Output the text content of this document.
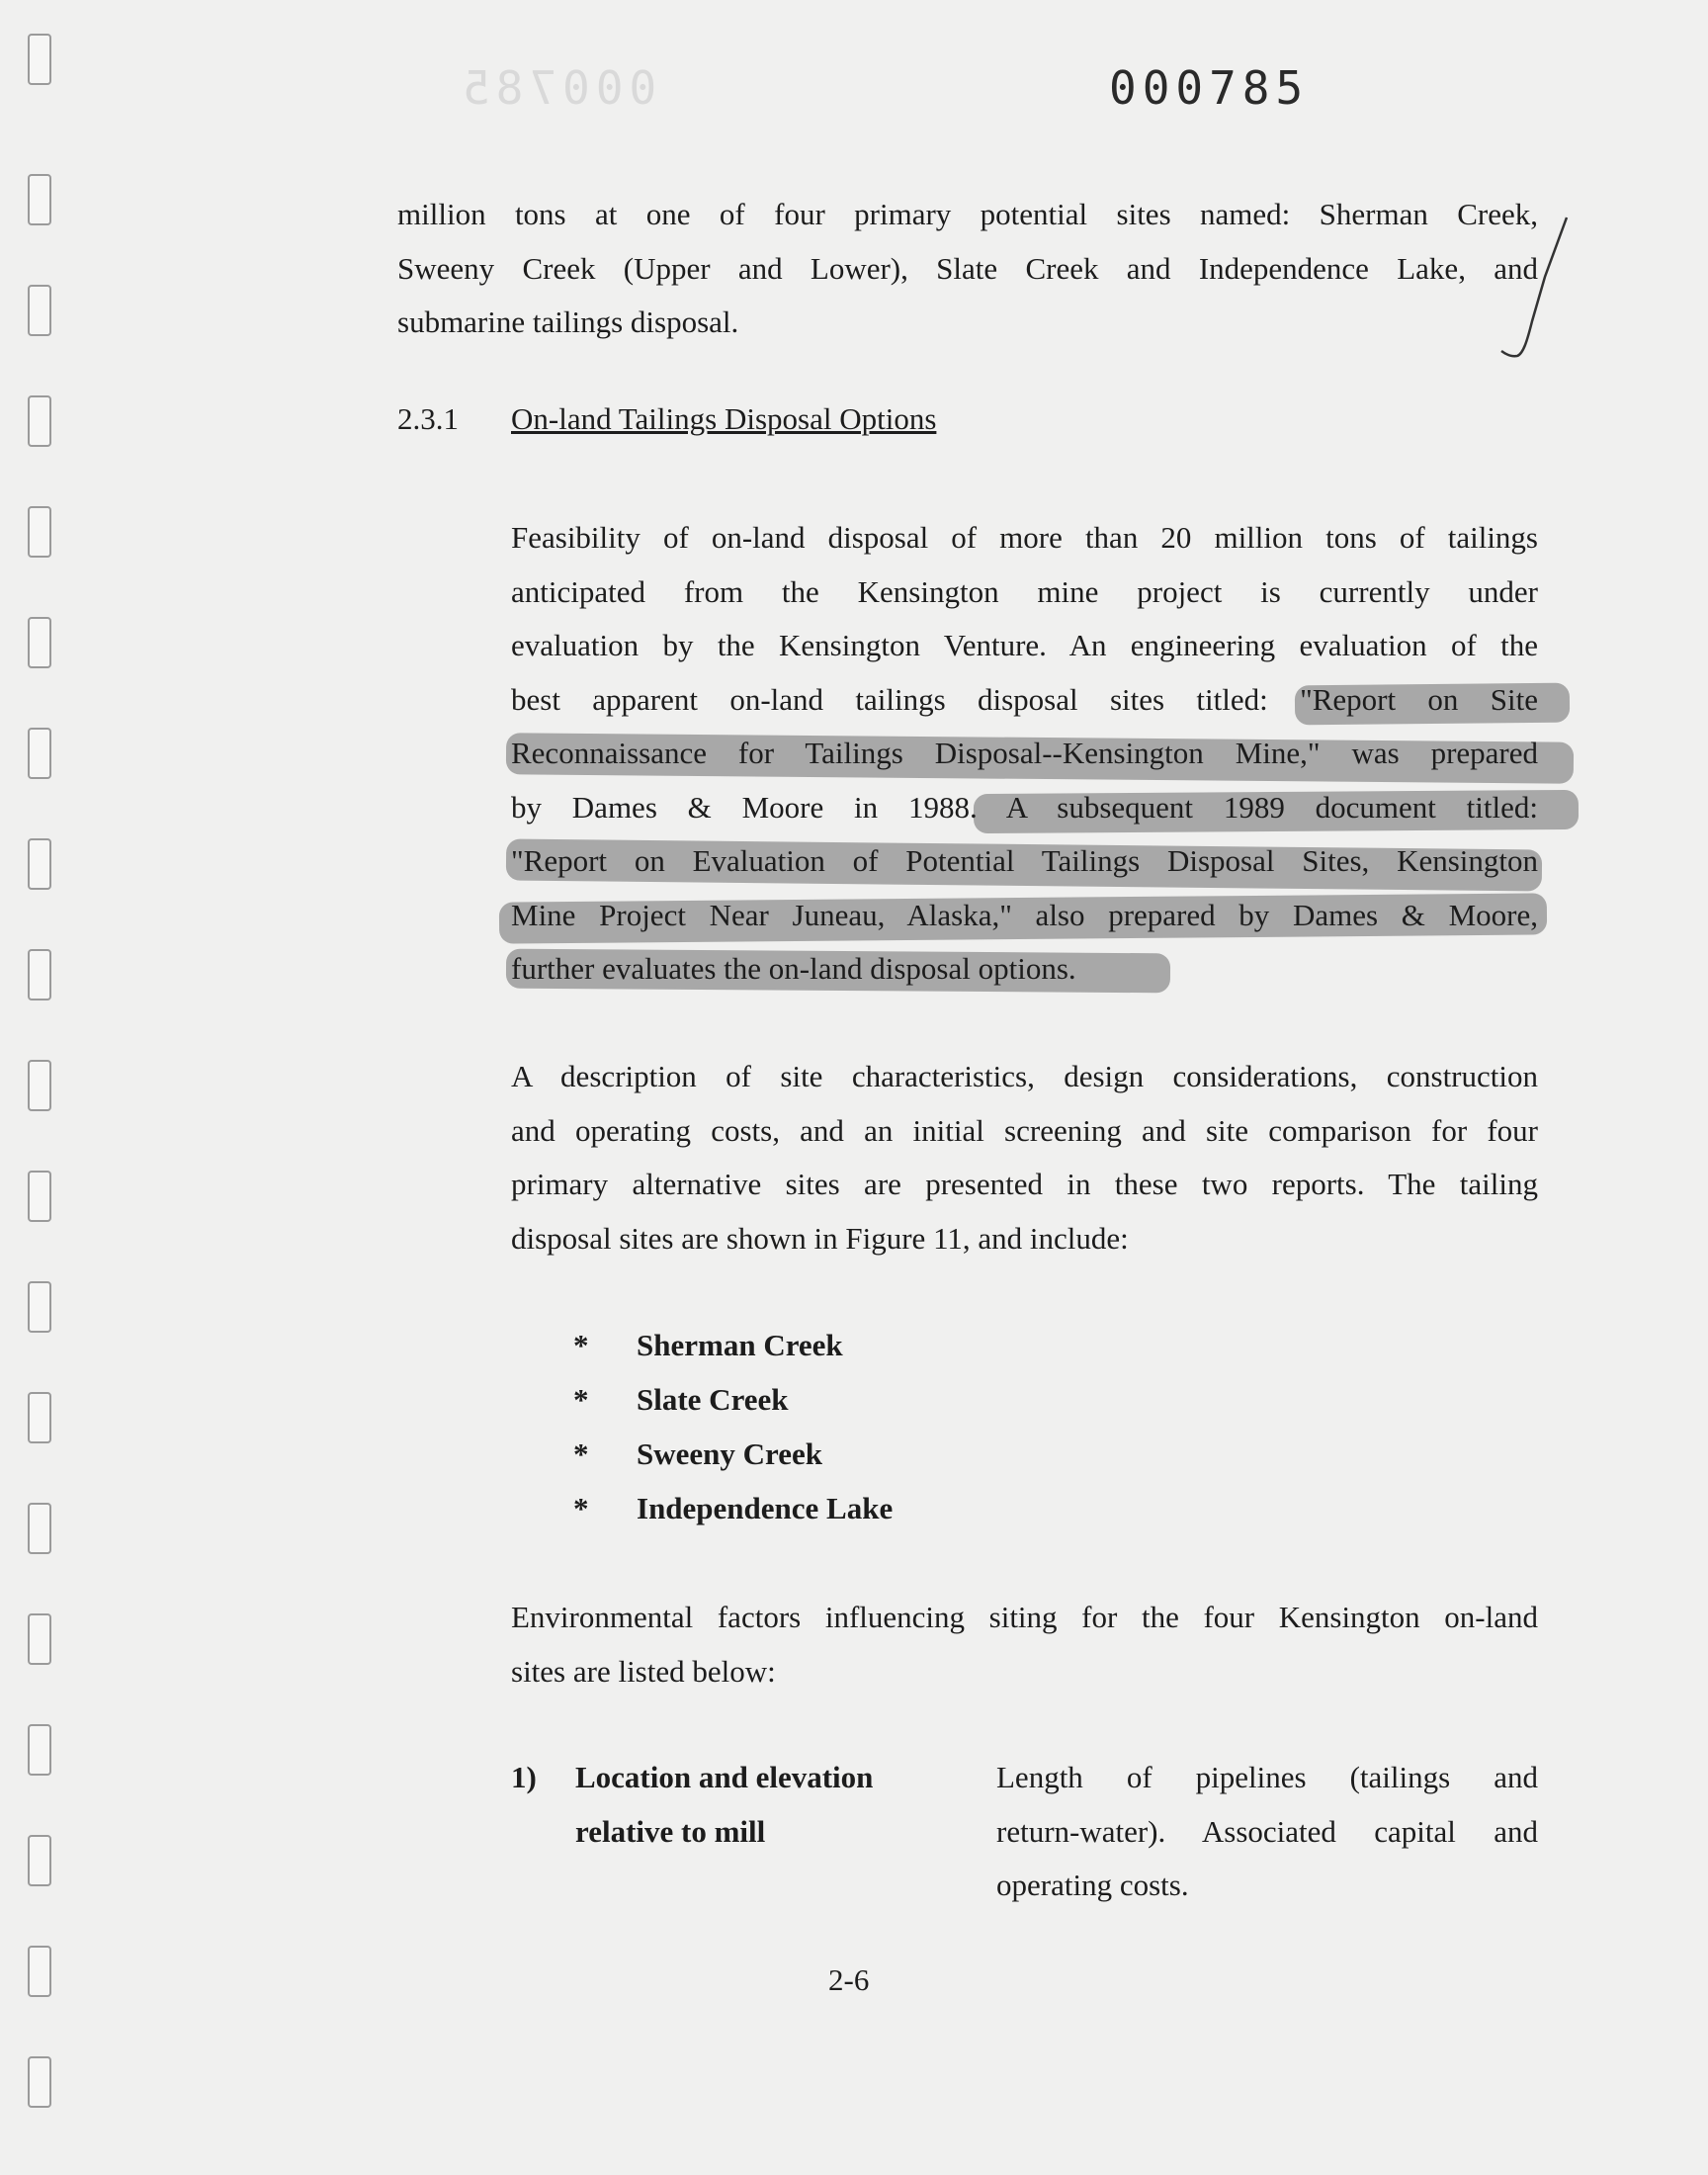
000785	000785
million tons at one of four primary potential sites named: Sherman Creek,
Sweeny Creek (Upper and Lower), Slate Creek and Independence Lake, and
submarine tailings disposal.
2.3.1 On-land Tailings Disposal Options
Feasibility of on-land disposal of more than 20 million tons of tailings
anticipated from the Kensington mine project is currently under
evaluation by the Kensington Venture. An engineering evaluation of the
best apparent on-land tailings disposal sites titled: "Report on Site
Reconnaissance for Tailings Disposal--Kensington Mine," was prepared
by Dames & Moore in 1988. A subsequent 1989 document titled:
"Report on Evaluation of Potential Tailings Disposal Sites, Kensington
Mine Project Near Juneau, Alaska," also prepared by Dames & Moore,
further evaluates the on-land disposal options.
A description of site characteristics, design considerations, construction
and operating costs, and an initial screening and site comparison for four
primary alternative sites are presented in these two reports. The tailing
disposal sites are shown in Figure 11, and include:
* Sherman Creek
* Slate Creek
* Sweeny Creek
* Independence Lake
Environmental factors influencing siting for the four Kensington on-land
sites are listed below:
1) Location and elevation
relative to mill
Length of pipelines (tailings and
return-water). Associated capital and
operating costs.
2-6
